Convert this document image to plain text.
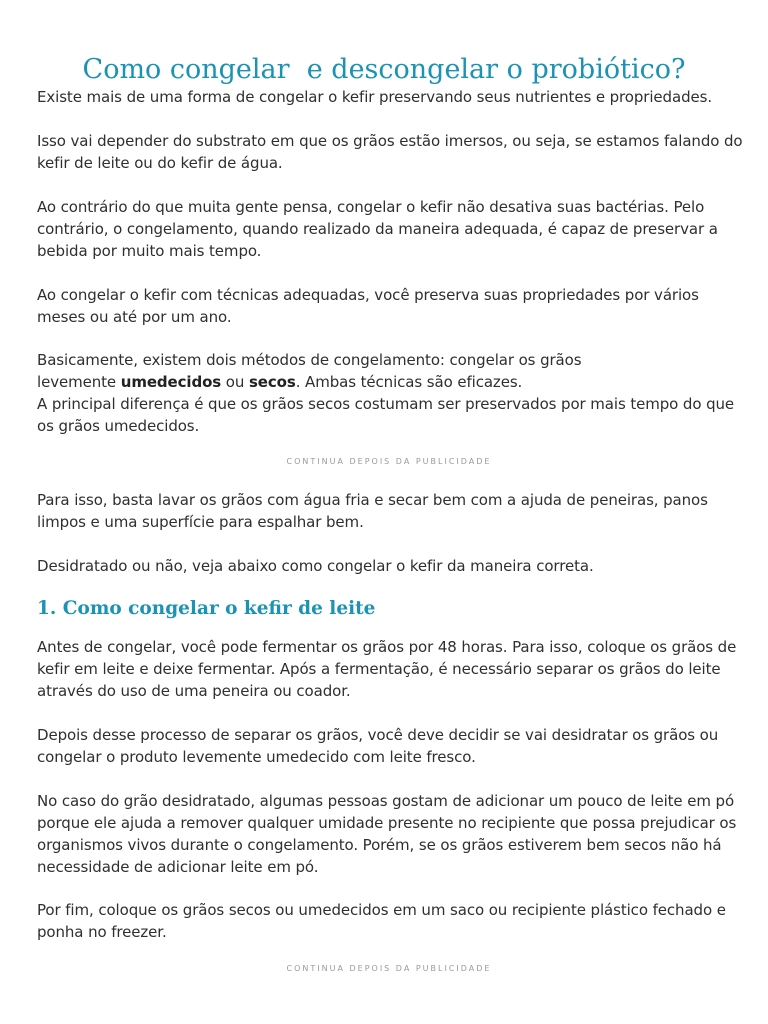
Como congelar  e descongelar o probiótico?

Existe mais de uma forma de congelar o kefir preservando seus nutrientes e propriedades.

Isso vai depender do substrato em que os grãos estão imersos, ou seja, se estamos falando do kefir de leite ou do kefir de água.

Ao contrário do que muita gente pensa, congelar o kefir não desativa suas bactérias. Pelo contrário, o congelamento, quando realizado da maneira adequada, é capaz de preservar a bebida por muito mais tempo.

Ao congelar o kefir com técnicas adequadas, você preserva suas propriedades por vários meses ou até por um ano.

Basicamente, existem dois métodos de congelamento: congelar os grãos
levemente umedecidos ou secos. Ambas técnicas são eficazes.

A principal diferença é que os grãos secos costumam ser preservados por mais tempo do que os grãos umedecidos.

CONTINUA DEPOIS DA PUBLICIDADE

Para isso, basta lavar os grãos com água fria e secar bem com a ajuda de peneiras, panos limpos e uma superfície para espalhar bem.

Desidratado ou não, veja abaixo como congelar o kefir da maneira correta.

1. Como congelar o kefir de leite

Antes de congelar, você pode fermentar os grãos por 48 horas. Para isso, coloque os grãos de kefir em leite e deixe fermentar. Após a fermentação, é necessário separar os grãos do leite através do uso de uma peneira ou coador.

Depois desse processo de separar os grãos, você deve decidir se vai desidratar os grãos ou congelar o produto levemente umedecido com leite fresco.

No caso do grão desidratado, algumas pessoas gostam de adicionar um pouco de leite em pó porque ele ajuda a remover qualquer umidade presente no recipiente que possa prejudicar os organismos vivos durante o congelamento. Porém, se os grãos estiverem bem secos não há necessidade de adicionar leite em pó.

Por fim, coloque os grãos secos ou umedecidos em um saco ou recipiente plástico fechado e ponha no freezer.

CONTINUA DEPOIS DA PUBLICIDADE
